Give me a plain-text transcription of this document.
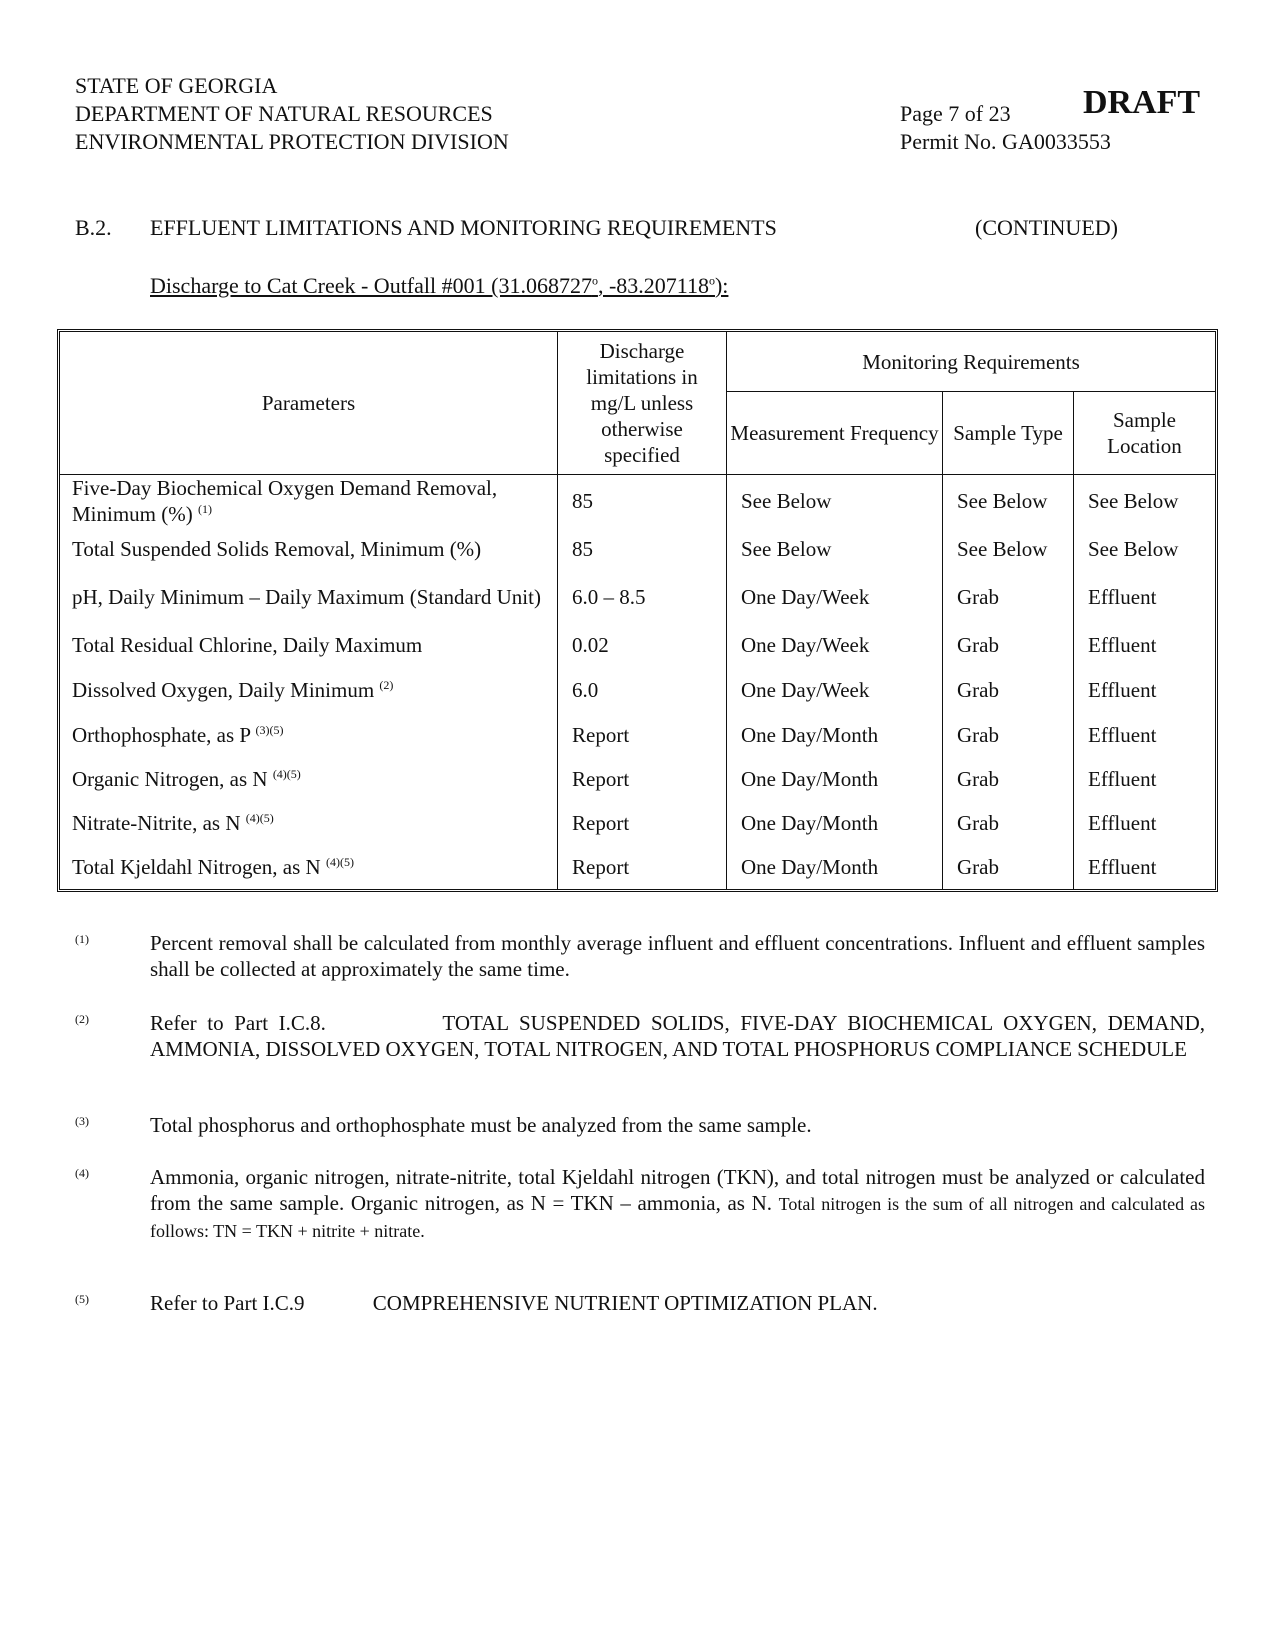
STATE OF GEORGIA
DEPARTMENT OF NATURAL RESOURCES
ENVIRONMENTAL PROTECTION DIVISION
Page 7 of 23
Permit No. GA0033553
DRAFT
B.2. EFFLUENT LIMITATIONS AND MONITORING REQUIREMENTS	(CONTINUED)
Discharge to Cat Creek - Outfall #001 (31.068727$^o$, -83.207118$^o$):
Parameters	Discharge limitations in mg/L unless otherwise specified	Monitoring Requirements		
		Measurement Frequency	Sample Type	Sample Location
Five-Day Biochemical Oxygen Demand Removal, Minimum (%) $^{(1)}$	85	See Below	See Below	See Below
Total Suspended Solids Removal, Minimum (%)	85	See Below	See Below	See Below
pH, Daily Minimum – Daily Maximum (Standard Unit)	6.0 – 8.5	One Day/Week	Grab	Effluent
Total Residual Chlorine, Daily Maximum	0.02	One Day/Week	Grab	Effluent
Dissolved Oxygen, Daily Minimum $^{(2)}$	6.0	One Day/Week	Grab	Effluent
Orthophosphate, as P $^{(3)(5)}$	Report	One Day/Month	Grab	Effluent
Organic Nitrogen, as N $^{(4)(5)}$	Report	One Day/Month	Grab	Effluent
Nitrate-Nitrite, as N $^{(4)(5)}$	Report	One Day/Month	Grab	Effluent
Total Kjeldahl Nitrogen, as N $^{(4)(5)}$	Report	One Day/Month	Grab	Effluent
(1)	Percent removal shall be calculated from monthly average influent and effluent concentrations. Influent and effluent samples shall be collected at approximately the same time.
(2)	Refer to Part I.C.8.	TOTAL SUSPENDED SOLIDS, FIVE-DAY BIOCHEMICAL OXYGEN, DEMAND, AMMONIA, DISSOLVED OXYGEN, TOTAL NITROGEN, AND TOTAL PHOSPHORUS COMPLIANCE SCHEDULE
(3)	Total phosphorus and orthophosphate must be analyzed from the same sample.
(4)	Ammonia, organic nitrogen, nitrate-nitrite, total Kjeldahl nitrogen (TKN), and total nitrogen must be analyzed or calculated from the same sample. Organic nitrogen, as N = TKN – ammonia, as N. Total nitrogen is the sum of all nitrogen and calculated as follows: TN = TKN + nitrite + nitrate.
(5)	Refer to Part I.C.9	COMPREHENSIVE NUTRIENT OPTIMIZATION PLAN.
